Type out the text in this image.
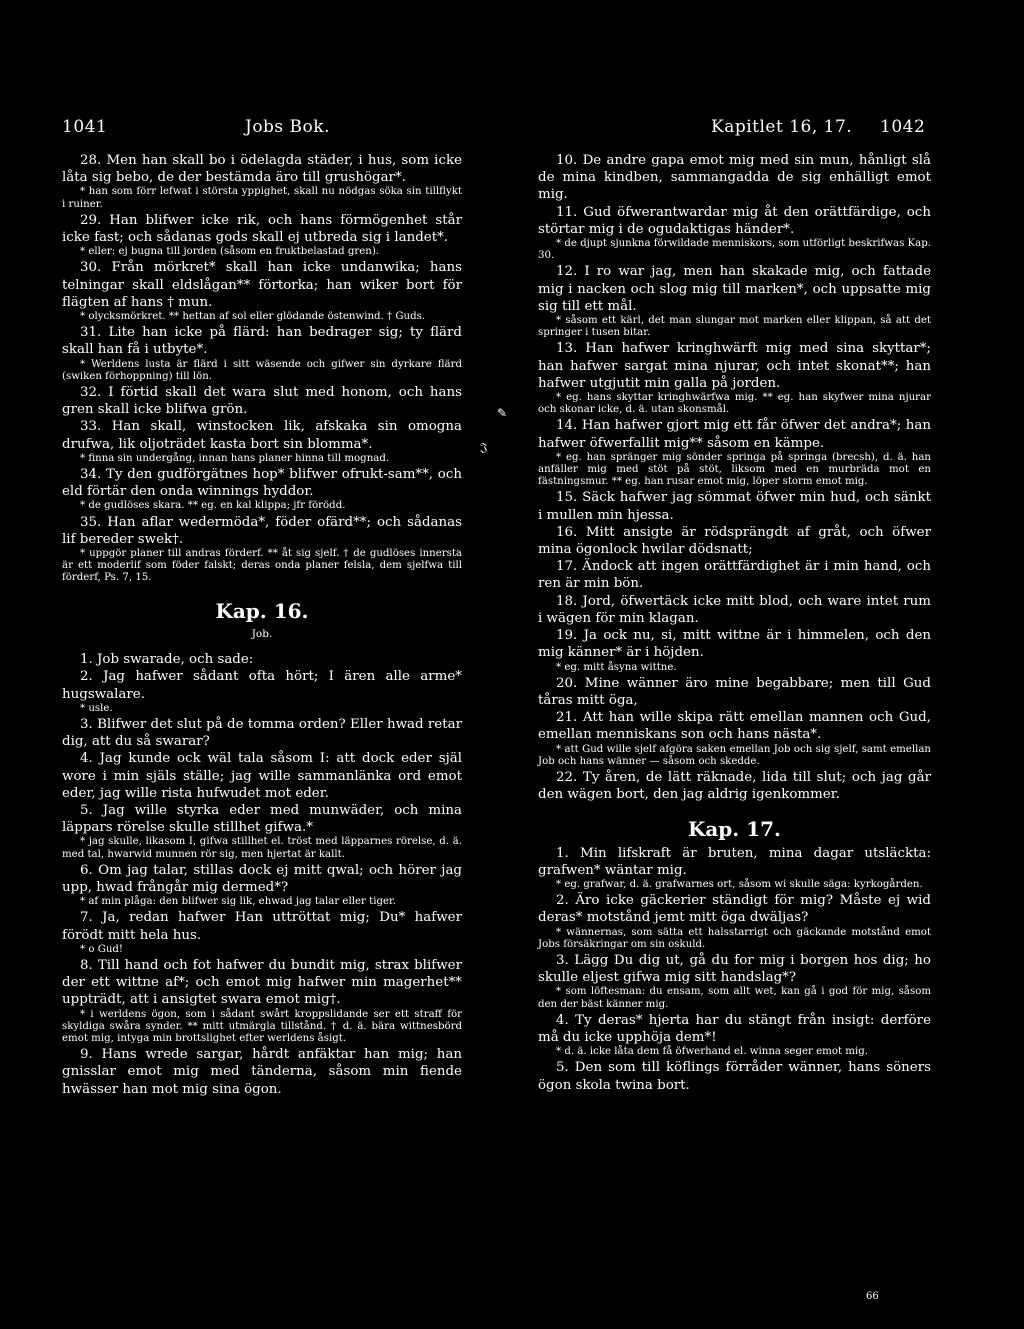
1041	Jobs Bok.	Kapitlet 16, 17. 1042
28. Men han skall bo i ödelagda städer, i hus, som icke låta sig bebo, de der bestämda äro till grushögar*.
* han som förr lefwat i största yppighet, skall nu nödgas söka sin tillflykt i ruiner.
29. Han blifwer icke rik, och hans förmögenhet står icke fast; och sådanas gods skall ej utbreda sig i landet*.
* eller: ej bugna till jorden (såsom en fruktbelastad gren).
30. Från mörkret* skall han icke undanwika; hans telningar skall eldslågan** förtorka; han wiker bort för flägten af hans † mun.
* olycksmörkret. ** hettan af sol eller glödande östenwind. † Guds.
31. Lite han icke på flärd: han bedrager sig; ty flärd skall han få i utbyte*.
* Werldens lusta är flärd i sitt wäsende och gifwer sin dyrkare flärd (swiken förhoppning) till lön.
32. I förtid skall det wara slut med honom, och hans gren skall icke blifwa grön.
33. Han skall, winstocken lik, afskaka sin omogna drufwa, lik oljoträdet kasta bort sin blomma*.
* finna sin undergång, innan hans planer hinna till mognad.
34. Ty den gudförgätnes hop* blifwer ofrukt-sam**, och eld förtär den onda winnings hyddor.
* de gudlöses skara. ** eg. en kal klippa; jfr förödd.
35. Han aflar wedermöda*, föder ofärd**; och sådanas lif bereder swek†.
* uppgör planer till andras förderf. ** åt sig sjelf. † de gudlöses innersta är ett moderlif som föder falskt; deras onda planer felsla, dem sjelfwa till förderf, Ps. 7, 15.
Kap. 16.
Job.
1. Job swarade, och sade:
2. Jag hafwer sådant ofta hört; I ären alle arme* hugswalare.
* usle.
3. Blifwer det slut på de tomma orden? Eller hwad retar dig, att du så swarar?
4. Jag kunde ock wäl tala såsom I: att dock eder själ wore i min själs ställe; jag wille sammanlänka ord emot eder, jag wille rista hufwudet mot eder.
5. Jag wille styrka eder med munwäder, och mina läppars rörelse skulle stillhet gifwa.*
* jag skulle, likasom I, gifwa stillhet el. tröst med läpparnes rörelse, d. ä. med tal, hwarwid munnen rör sig, men hjertat är kallt.
6. Om jag talar, stillas dock ej mitt qwal; och hörer jag upp, hwad frångår mig dermed*?
* af min plåga: den blifwer sig lik, ehwad jag talar eller tiger.
7. Ja, redan hafwer Han uttröttat mig; Du* hafwer förödt mitt hela hus.
* o Gud!
8. Till hand och fot hafwer du bundit mig, strax blifwer der ett wittne af*; och emot mig hafwer min magerhet** uppträdt, att i ansigtet swara emot mig†.
* i werldens ögon, som i sådant swårt kroppslidande ser ett straff för skyldiga swåra synder. ** mitt utmärgla tillstånd. † d. ä. bära wittnesbörd emot mig, intyga min brottslighet efter werldens åsigt.
9. Hans wrede sargar, hårdt anfäktar han mig; han gnisslar emot mig med tänderna, såsom min fiende hwässer han mot mig sina ögon.
10. De andre gapa emot mig med sin mun, hånligt slå de mina kindben, sammangadda de sig enhälligt emot mig.
11. Gud öfwerantwardar mig åt den orättfärdige, och störtar mig i de ogudaktigas händer*.
* de djupt sjunkna förwildade menniskors, som utförligt beskrifwas Kap. 30.
12. I ro war jag, men han skakade mig, och fattade mig i nacken och slog mig till marken*, och uppsatte mig sig till ett mål.
* såsom ett kärl, det man slungar mot marken eller klippan, så att det springer i tusen bitar.
13. Han hafwer kringhwärft mig med sina skyttar*; han hafwer sargat mina njurar, och intet skonat**; han hafwer utgjutit min galla på jorden.
* eg. hans skyttar kringhwärfwa mig. ** eg. han skyfwer mina njurar och skonar icke, d. ä. utan skonsmål.
14. Han hafwer gjort mig ett får öfwer det andra*; han hafwer öfwerfallit mig** såsom en kämpe.
* eg. han spränger mig sönder springa på springa (brecsh), d. ä. han anfäller mig med stöt på stöt, liksom med en murbräda mot en fästningsmur. ** eg. han rusar emot mig, löper storm emot mig.
15. Säck hafwer jag sömmat öfwer min hud, och sänkt i mullen min hjessa.
16. Mitt ansigte är rödsprängdt af gråt, och öfwer mina ögonlock hwilar dödsnatt;
17. Ändock att ingen orättfärdighet är i min hand, och ren är min bön.
18. Jord, öfwertäck icke mitt blod, och ware intet rum i wägen för min klagan.
19. Ja ock nu, si, mitt wittne är i himmelen, och den mig känner* är i höjden.
* eg. mitt åsyna wittne.
20. Mine wänner äro mine begabbare; men till Gud tåras mitt öga,
21. Att han wille skipa rätt emellan mannen och Gud, emellan menniskans son och hans nästa*.
* att Gud wille sjelf afgöra saken emellan Job och sig sjelf, samt emellan Job och hans wänner — såsom och skedde.
22. Ty åren, de lätt räknade, lida till slut; och jag går den wägen bort, den jag aldrig igenkommer.
Kap. 17.
1. Min lifskraft är bruten, mina dagar utsläckta: grafwen* wäntar mig.
* eg. grafwar, d. ä. grafwarnes ort, såsom wi skulle säga: kyrkogården.
2. Äro icke gäckerier ständigt för mig? Måste ej wid deras* motstånd jemt mitt öga dwäljas?
* wännernas, som sätta ett halsstarrigt och gäckande motstånd emot Jobs försäkringar om sin oskuld.
3. Lägg Du dig ut, gå du for mig i borgen hos dig; ho skulle eljest gifwa mig sitt handslag*?
* som löftesman: du ensam, som allt wet, kan gå i god för mig, såsom den der bäst känner mig.
4. Ty deras* hjerta har du stängt från insigt: derföre må du icke upphöja dem*!
* d. ä. icke låta dem få öfwerhand el. winna seger emot mig.
5. Den som till köflings förråder wänner, hans söners ögon skola twina bort.
✎
𝔍
66
